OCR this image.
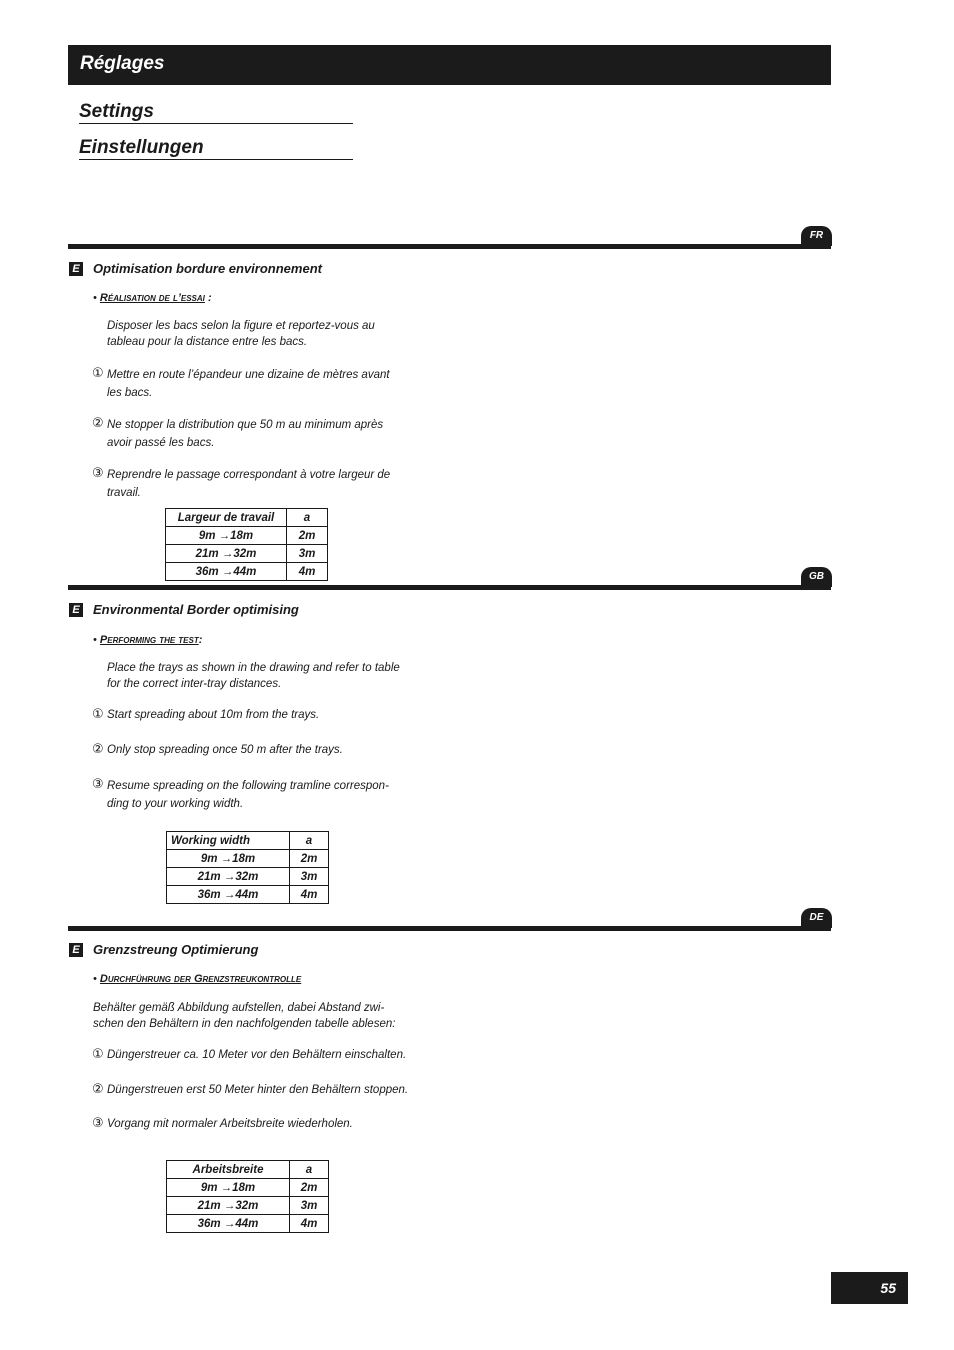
Réglages
Settings
Einstellungen
FR
E Optimisation bordure environnement
• Réalisation de l’essai :
Disposer les bacs selon la figure et reportez-vous au
tableau pour la distance entre les bacs.
① Mettre en route l’épandeur une dizaine de mètres avant
les bacs.
② Ne stopper la distribution que 50 m au minimum après
avoir passé les bacs.
③ Reprendre le passage correspondant à votre largeur de
travail.
Largeur de travail	a
9m →18m	2m
21m →32m	3m
36m →44m	4m	GB
E Environmental Border optimising
• Performing the test:
Place the trays as shown in the drawing and refer to table
for the correct inter-tray distances.
① Start spreading about 10m from the trays.
② Only stop spreading once 50 m after the trays.
③ Resume spreading on the following tramline correspon-
ding to your working width.
Working width	a
9m →18m	2m
21m →32m	3m
36m →44m	4m
DE
E Grenzstreung Optimierung
• Durchführung der Grenzstreukontrolle
Behälter gemäß Abbildung aufstellen, dabei Abstand zwi-
schen den Behältern in den nachfolgenden tabelle ablesen:
① Düngerstreuer ca. 10 Meter vor den Behältern einschalten.
② Düngerstreuen erst 50 Meter hinter den Behältern stoppen.
③ Vorgang mit normaler Arbeitsbreite wiederholen.
Arbeitsbreite	a
9m →18m	2m
21m →32m	3m
36m →44m	4m
55
